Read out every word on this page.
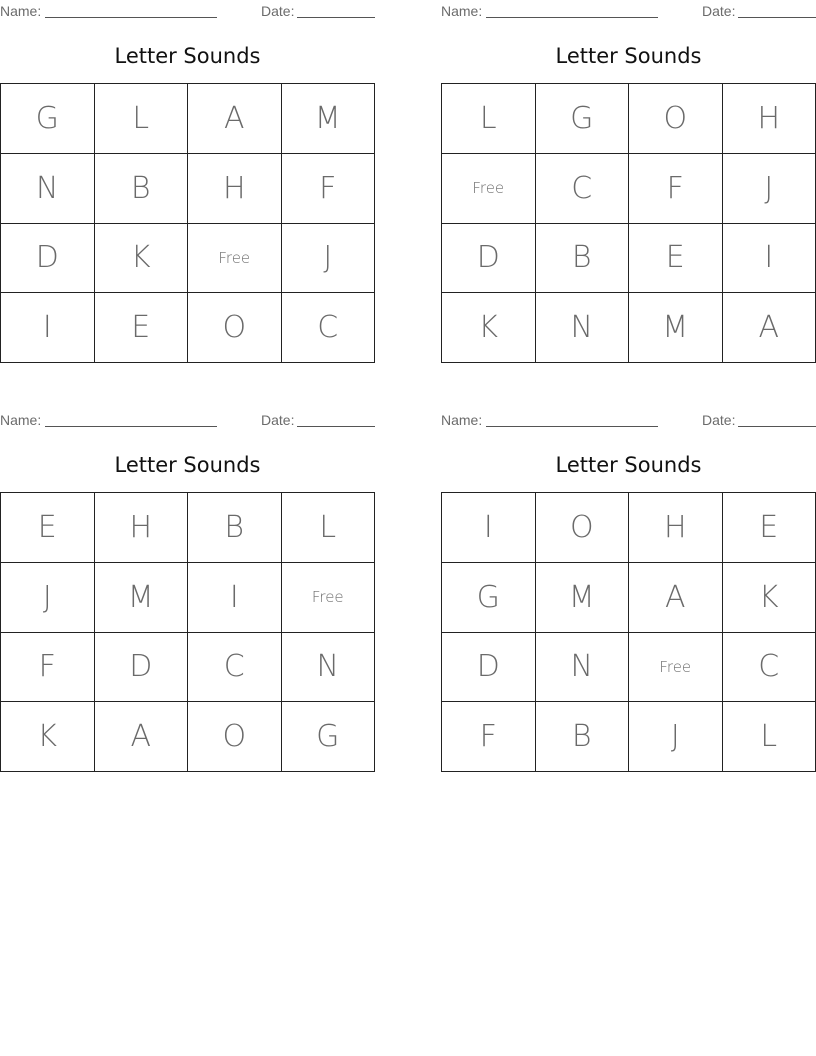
Name:	Date:
Letter Sounds
G	L	A	M
N	B	H	F
D	K	Free	J
I	E	O	C
Name:	Date:
Letter Sounds
L	G	O	H
Free	C	F	J
D	B	E	I
K	N	M	A
Name:	Date:
Letter Sounds
E	H	B	L
J	M	I	Free
F	D	C	N
K	A	O	G
Name:	Date:
Letter Sounds
I	O	H	E
G	M	A	K
D	N	Free	C
F	B	J	L
